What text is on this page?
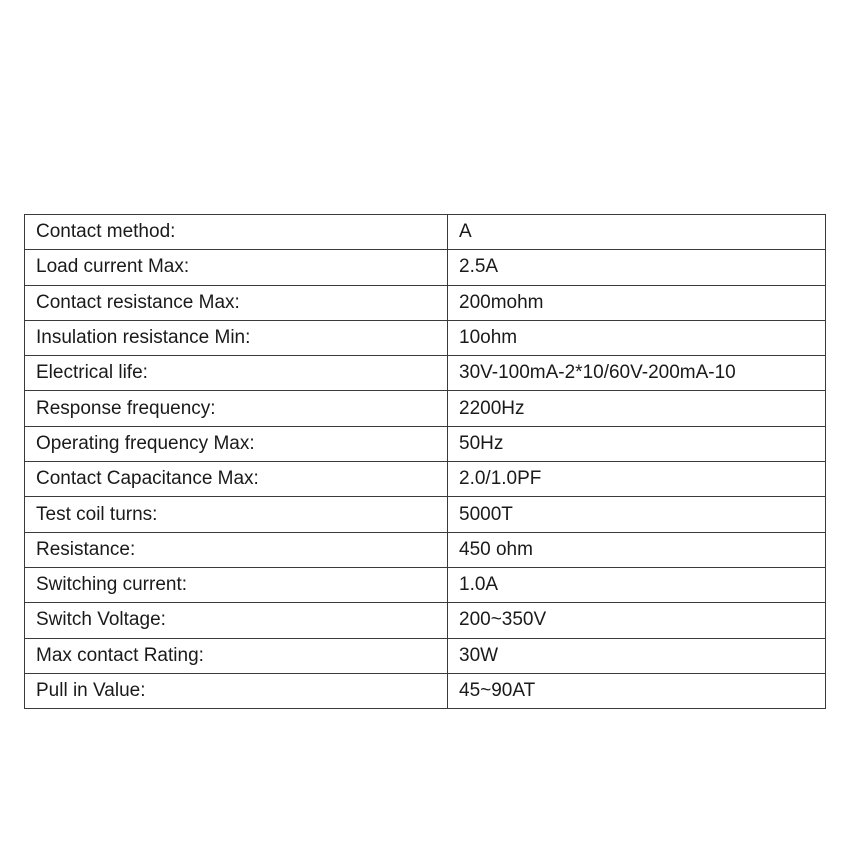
Contact method:	A
Load current Max:	2.5A
Contact resistance Max:	200mohm
Insulation resistance Min:	10ohm
Electrical life:	30V-100mA-2*10/60V-200mA-10
Response frequency:	2200Hz
Operating frequency Max:	50Hz
Contact Capacitance Max:	2.0/1.0PF
Test coil turns:	5000T
Resistance:	450 ohm
Switching current:	1.0A
Switch Voltage:	200~350V
Max contact Rating:	30W
Pull in Value:	45~90AT
